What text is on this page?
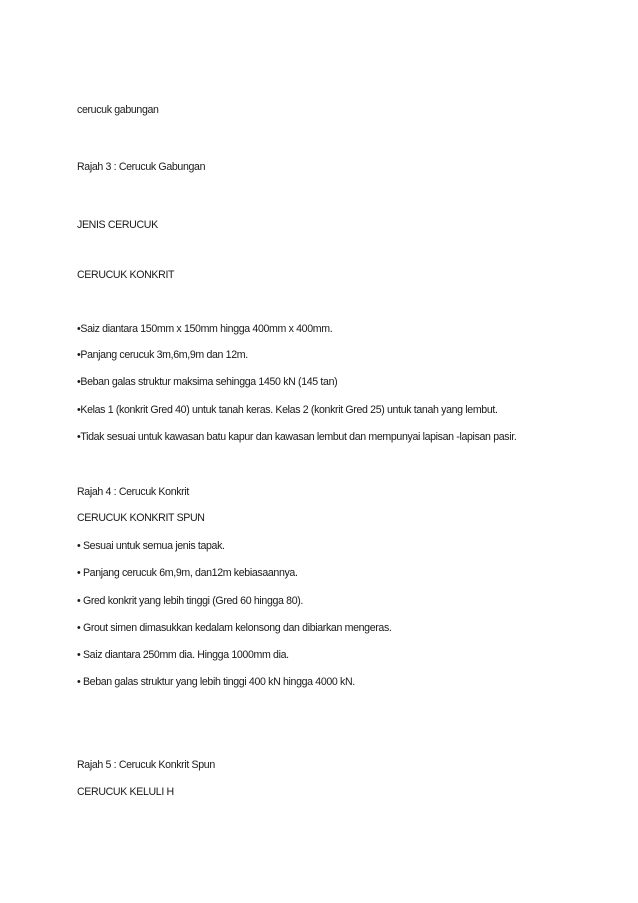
cerucuk gabungan
Rajah 3 : Cerucuk Gabungan
JENIS CERUCUK
CERUCUK KONKRIT
•Saiz diantara 150mm x 150mm hingga 400mm x 400mm.
•Panjang cerucuk 3m,6m,9m dan 12m.
•Beban galas struktur maksima sehingga 1450 kN (145 tan)
•Kelas 1 (konkrit Gred 40) untuk tanah keras. Kelas 2 (konkrit Gred 25) untuk tanah yang lembut.
•Tidak sesuai untuk kawasan batu kapur dan kawasan lembut dan mempunyai lapisan -lapisan pasir.
Rajah 4 : Cerucuk Konkrit
CERUCUK KONKRIT SPUN
• Sesuai untuk semua jenis tapak.
• Panjang cerucuk 6m,9m, dan12m kebiasaannya.
• Gred konkrit yang lebih tinggi (Gred 60 hingga 80).
• Grout simen dimasukkan kedalam kelonsong dan dibiarkan mengeras.
• Saiz diantara 250mm dia. Hingga 1000mm dia.
• Beban galas struktur yang lebih tinggi 400 kN hingga 4000 kN.
Rajah 5 : Cerucuk Konkrit Spun
CERUCUK KELULI H
